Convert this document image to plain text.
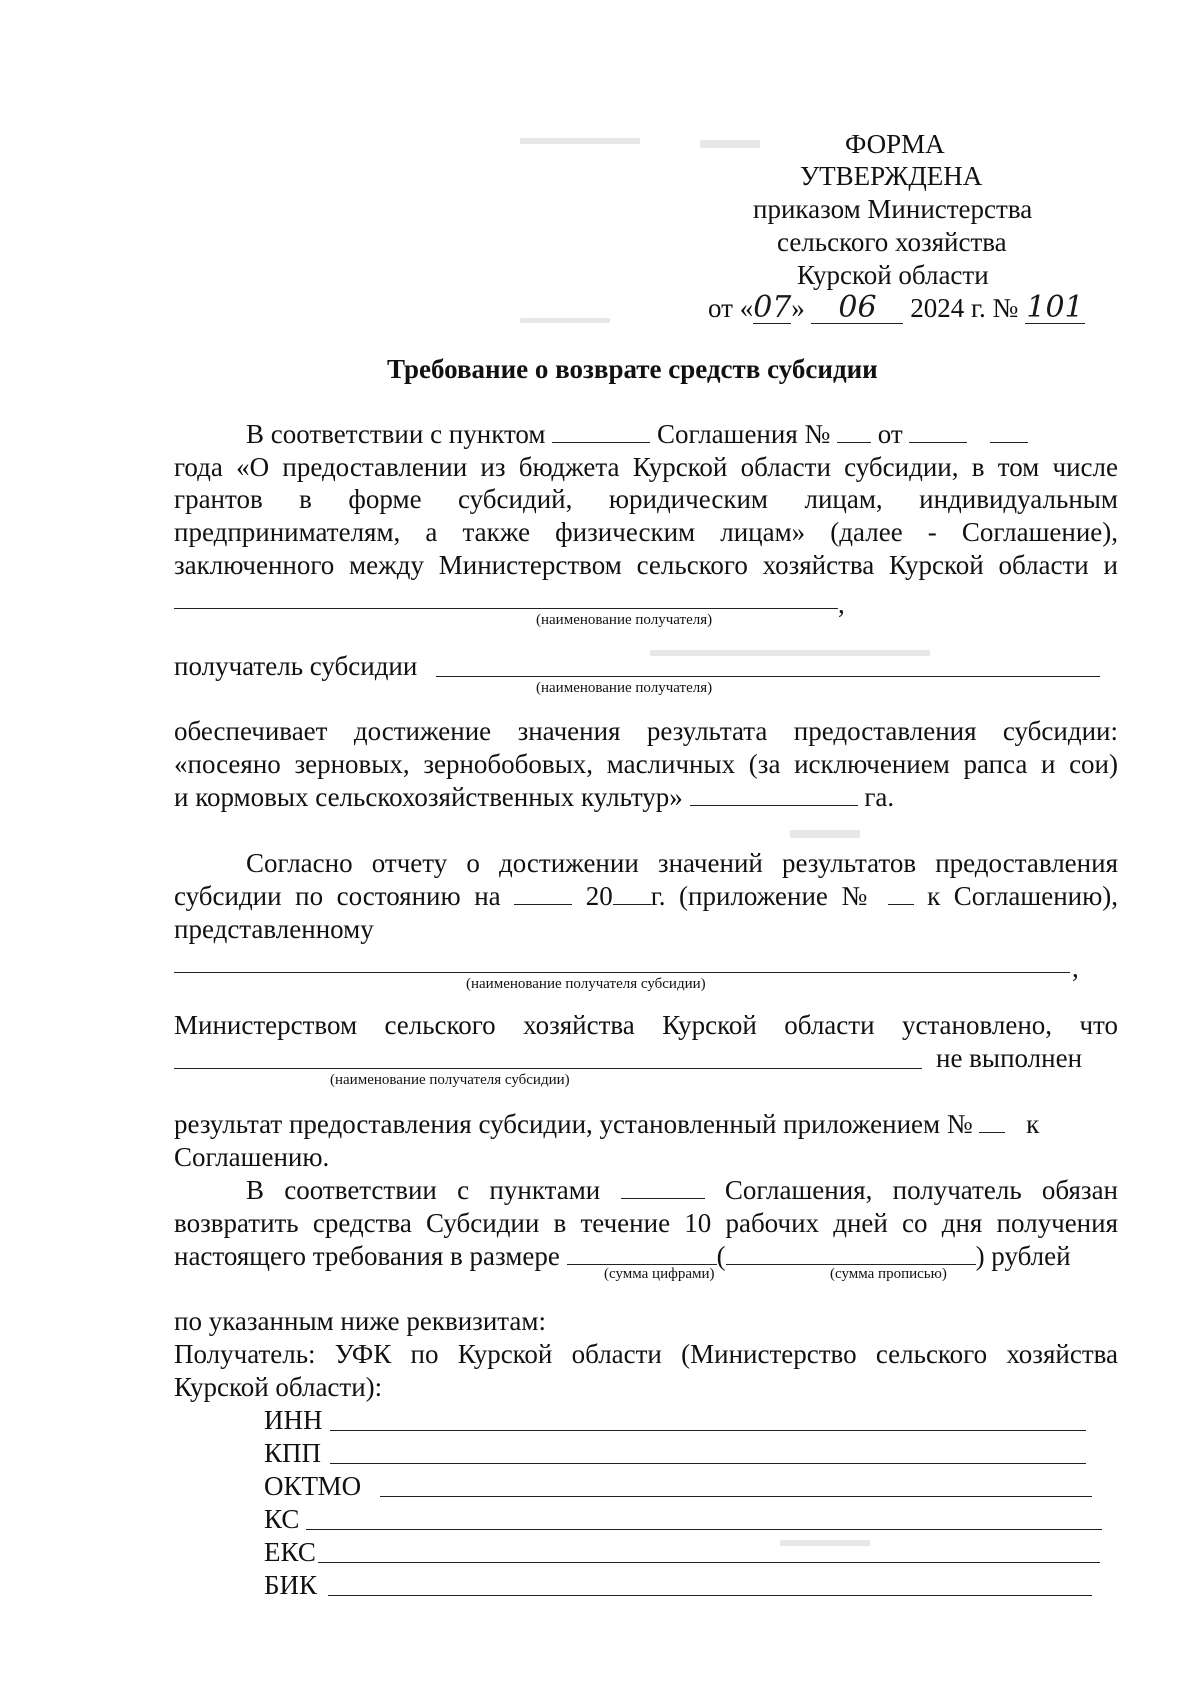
ФОРМА
УТВЕРЖДЕНА
приказом Министерства
сельского хозяйства
Курской области
от «07» 06 2024 г. № 101
Требование о возврате средств субсидии
В соответствии с пунктом	Соглашения № от
года «О предоставлении из бюджета Курской области субсидии, в том числе
грантов в форме субсидий, юридическим лицам, индивидуальным
предпринимателям, а также физическим лицам» (далее - Соглашение),
заключенного между Министерством сельского хозяйства Курской области и
,
(наименование получателя)
получатель субсидии
(наименование получателя)
обеспечивает достижение значения результата предоставления субсидии:
«посеяно зерновых, зернобобовых, масличных (за исключением рапса и сои)
и кормовых сельскохозяйственных культур»	га.
Согласно отчету о достижении значений результатов предоставления
субсидии по состоянию на	20 г. (приложение № к Соглашению),
представленному
,
(наименование получателя субсидии)
Министерством сельского хозяйства Курской области установлено, что
не выполнен
(наименование получателя субсидии)
результат предоставления субсидии, установленный приложением № к
Соглашению.
В соответствии с пунктами	Соглашения, получатель обязан
возвратить средства Субсидии в течение 10 рабочих дней со дня получения
настоящего требования в размере	(	) рублей
(сумма цифрами)	(сумма прописью)
по указанным ниже реквизитам:
Получатель: УФК по Курской области (Министерство сельского хозяйства
Курской области):
ИНН
КПП
ОКТМО
КС
ЕКС
БИК
